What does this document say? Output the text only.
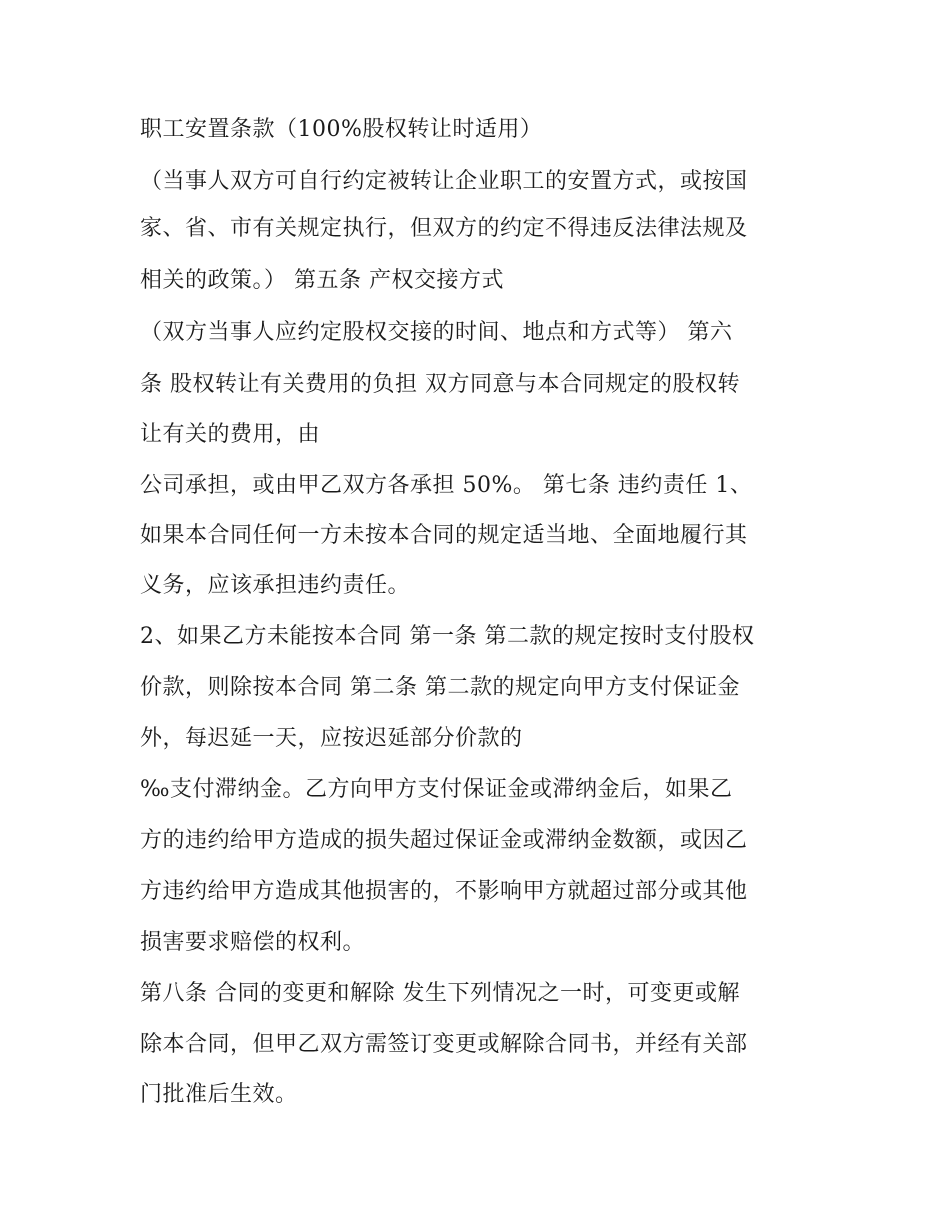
职工安置条款（100%股权转让时适用）
（当事人双方可自行约定被转让企业职工的安置方式，或按国
家、省、市有关规定执行，但双方的约定不得违反法律法规及
相关的政策。） 第五条 产权交接方式
（双方当事人应约定股权交接的时间、地点和方式等） 第六
条 股权转让有关费用的负担 双方同意与本合同规定的股权转
让有关的费用，由
公司承担，或由甲乙双方各承担 50%。 第七条 违约责任 1、
如果本合同任何一方未按本合同的规定适当地、全面地履行其
义务，应该承担违约责任。
2、如果乙方未能按本合同 第一条 第二款的规定按时支付股权
价款，则除按本合同 第二条 第二款的规定向甲方支付保证金
外，每迟延一天，应按迟延部分价款的
‰支付滞纳金。乙方向甲方支付保证金或滞纳金后，如果乙
方的违约给甲方造成的损失超过保证金或滞纳金数额，或因乙
方违约给甲方造成其他损害的，不影响甲方就超过部分或其他
损害要求赔偿的权利。
第八条 合同的变更和解除 发生下列情况之一时，可变更或解
除本合同，但甲乙双方需签订变更或解除合同书，并经有关部
门批准后生效。
